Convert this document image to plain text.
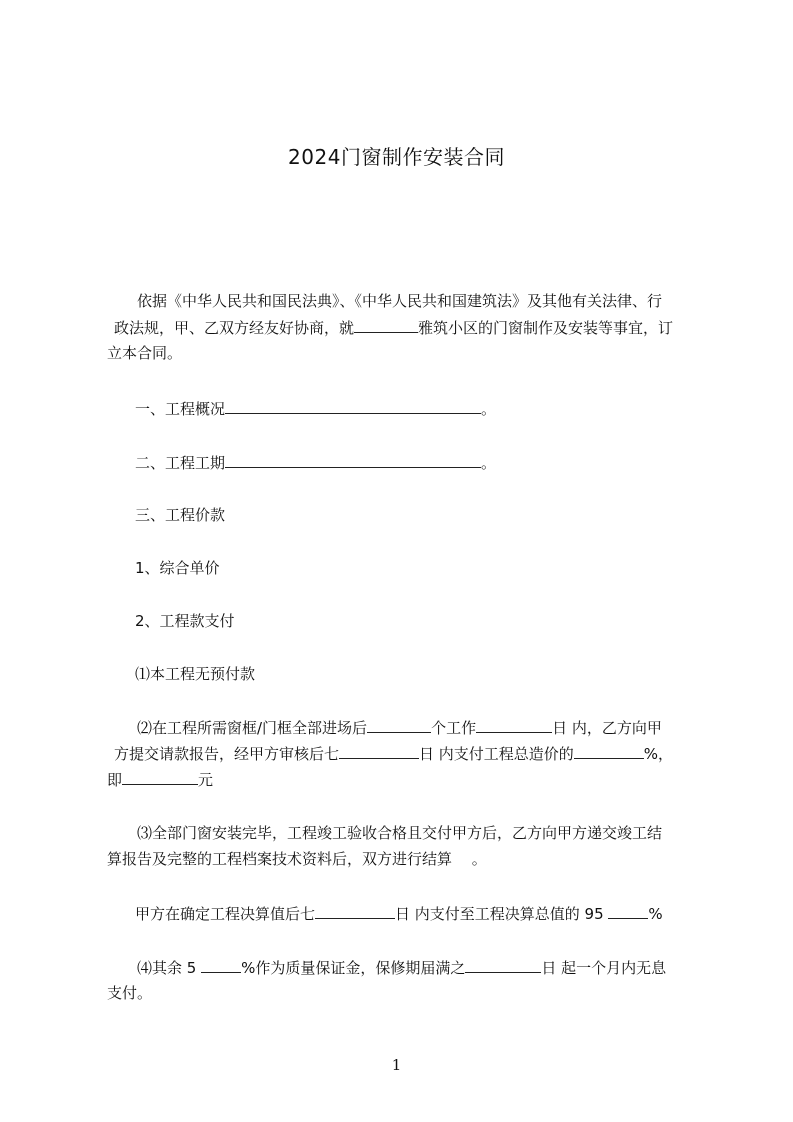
2024门窗制作安装合同
依据《中华人民共和国民法典》、《中华人民共和国建筑法》及其他有关法律、行
政法规，甲、乙双方经友好协商，就	雅筑小区的门窗制作及安装等事宜，订
立本合同。
一、工程概况	。
二、工程工期	。
三、工程价款
1、综合单价
2、工程款支付
⑴本工程无预付款
⑵在工程所需窗框/门框全部进场后	个工作	日 内，乙方向甲
方提交请款报告，经甲方审核后七	日 内支付工程总造价的	%，
即	元
⑶全部门窗安装完毕，工程竣工验收合格且交付甲方后，乙方向甲方递交竣工结
算报告及完整的工程档案技术资料后，双方进行结算 　。
甲方在确定工程决算值后七	日 内支付至工程决算总值的 95	%
⑷其余 5	%作为质量保证金，保修期届满之	日 起一个月内无息
支付。
1
